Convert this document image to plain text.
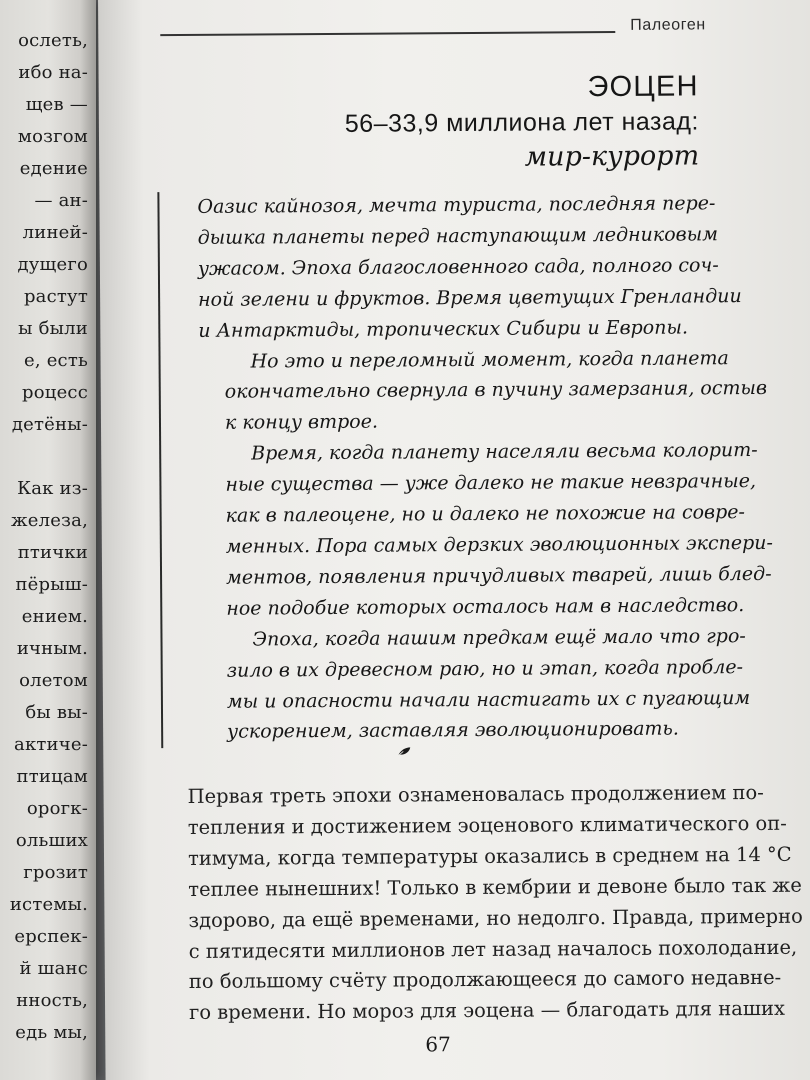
ослеть,
ибо на-
щев —
мозгом
едение
— ан-
линей-
дущего
растут
ы были
е, есть
роцесс
детёны-
Как из-
железа,
птички
пёрыш-
ением.
ичным.
олетом
бы вы-
актиче-
птицам
орогк-
ольших
грозит
истемы.
ерспек-
й шанс
нность,
едь мы,
Палеоген
ЭОЦЕН
56–33,9 миллиона лет назад:
мир-курорт

Оазис кайнозоя, мечта туриста, последняя пере-
дышка планеты перед наступающим ледниковым
ужасом. Эпоха благословенного сада, полного соч-
ной зелени и фруктов. Время цветущих Гренландии
и Антарктиды, тропических Сибири и Европы.

Но это и переломный момент, когда планета
окончательно свернула в пучину замерзания, остыв
к концу втрое.

Время, когда планету населяли весьма колорит-
ные существа — уже далеко не такие невзрачные,
как в палеоцене, но и далеко не похожие на совре-
менных. Пора самых дерзких эволюционных экспери-
ментов, появления причудливых тварей, лишь блед-
ное подобие которых осталось нам в наследство.

Эпоха, когда нашим предкам ещё мало что гро-
зило в их древесном раю, но и этап, когда пробле-
мы и опасности начали настигать их с пугающим
ускорением, заставляя эволюционировать.

Первая треть эпохи ознаменовалась продолжением по-
тепления и достижением эоценового климатического оп-
тимума, когда температуры оказались в среднем на 14 °С
теплее нынешних! Только в кембрии и девоне было так же
здорово, да ещё временами, но недолго. Правда, примерно
с пятидесяти миллионов лет назад началось похолодание,
по большому счёту продолжающееся до самого недавне-
го времени. Но мороз для эоцена — благодать для наших
67
